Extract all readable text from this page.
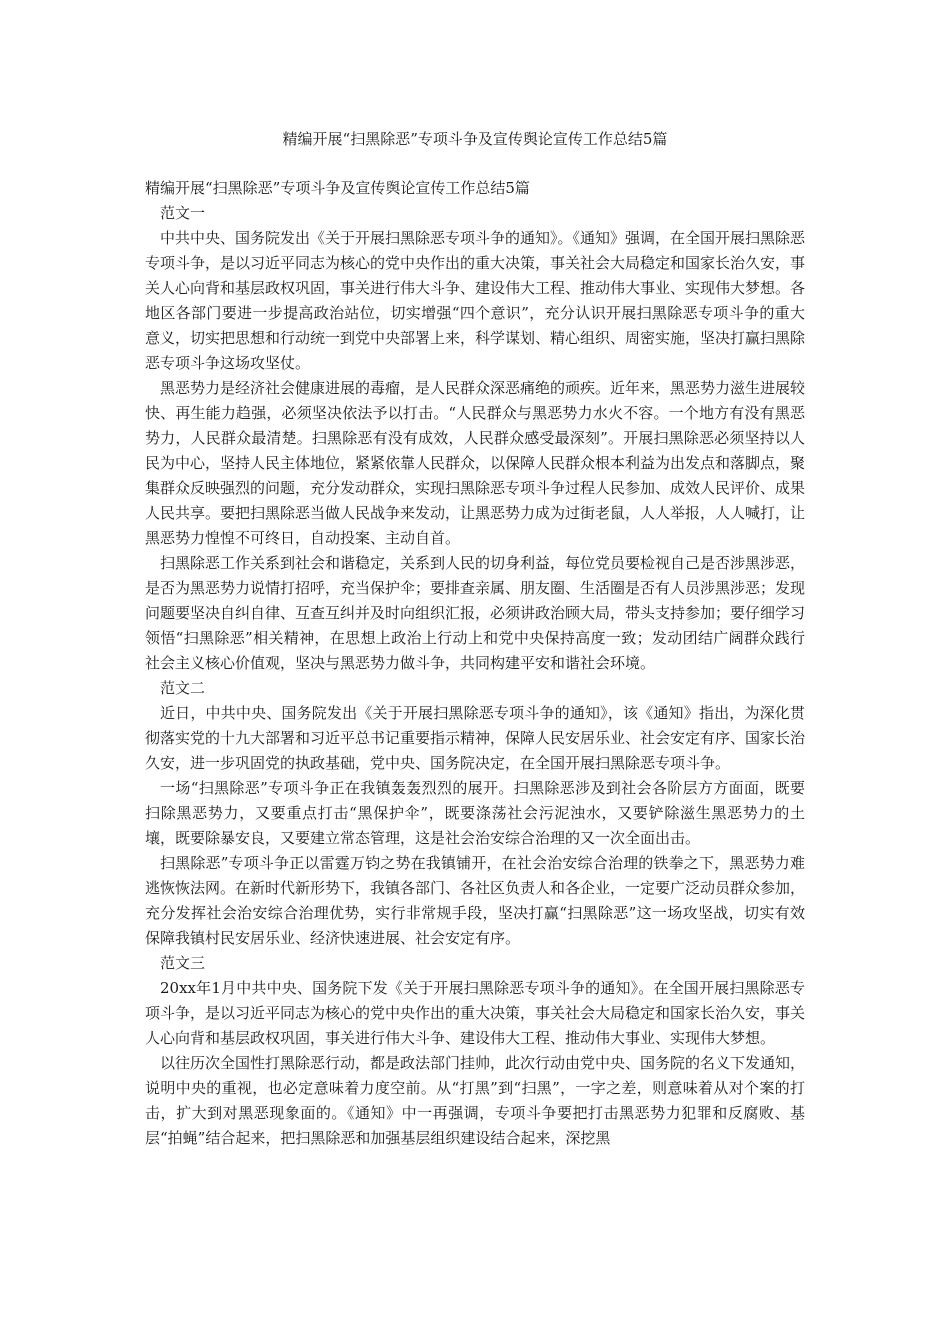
精编开展“扫黑除恶”专项斗争及宣传舆论宣传工作总结5篇

精编开展“扫黑除恶”专项斗争及宣传舆论宣传工作总结5篇

范文一

中共中央、国务院发出《关于开展扫黑除恶专项斗争的通知》。《通知》强调，在全国开展扫黑除恶专项斗争，是以习近平同志为核心的党中央作出的重大决策，事关社会大局稳定和国家长治久安，事关人心向背和基层政权巩固，事关进行伟大斗争、建设伟大工程、推动伟大事业、实现伟大梦想。各地区各部门要进一步提高政治站位，切实增强“四个意识”，充分认识开展扫黑除恶专项斗争的重大意义，切实把思想和行动统一到党中央部署上来，科学谋划、精心组织、周密实施，坚决打赢扫黑除恶专项斗争这场攻坚仗。

黑恶势力是经济社会健康进展的毒瘤，是人民群众深恶痛绝的顽疾。近年来，黑恶势力滋生进展较快、再生能力趋强，必须坚决依法予以打击。“人民群众与黑恶势力水火不容。一个地方有没有黑恶势力，人民群众最清楚。扫黑除恶有没有成效，人民群众感受最深刻”。开展扫黑除恶必须坚持以人民为中心，坚持人民主体地位，紧紧依靠人民群众，以保障人民群众根本利益为出发点和落脚点，聚集群众反映强烈的问题，充分发动群众，实现扫黑除恶专项斗争过程人民参加、成效人民评价、成果人民共享。要把扫黑除恶当做人民战争来发动，让黑恶势力成为过街老鼠，人人举报，人人喊打，让黑恶势力惶惶不可终日，自动投案、主动自首。

扫黑除恶工作关系到社会和谐稳定，关系到人民的切身利益，每位党员要检视自己是否涉黑涉恶，是否为黑恶势力说情打招呼，充当保护伞；要排查亲属、朋友圈、生活圈是否有人员涉黑涉恶；发现问题要坚决自纠自律、互查互纠并及时向组织汇报，必须讲政治顾大局，带头支持参加；要仔细学习领悟“扫黑除恶”相关精神，在思想上政治上行动上和党中央保持高度一致；发动团结广阔群众践行社会主义核心价值观，坚决与黑恶势力做斗争，共同构建平安和谐社会环境。

范文二

近日，中共中央、国务院发出《关于开展扫黑除恶专项斗争的通知》，该《通知》指出，为深化贯彻落实党的十九大部署和习近平总书记重要指示精神，保障人民安居乐业、社会安定有序、国家长治久安，进一步巩固党的执政基础，党中央、国务院决定，在全国开展扫黑除恶专项斗争。

一场“扫黑除恶”专项斗争正在我镇轰轰烈烈的展开。扫黑除恶涉及到社会各阶层方方面面，既要扫除黑恶势力，又要重点打击“黑保护伞”，既要涤荡社会污泥浊水，又要铲除滋生黑恶势力的土壤，既要除暴安良，又要建立常态管理，这是社会治安综合治理的又一次全面出击。

扫黑除恶”专项斗争正以雷霆万钧之势在我镇铺开，在社会治安综合治理的铁拳之下，黑恶势力难逃恢恢法网。在新时代新形势下，我镇各部门、各社区负责人和各企业，一定要广泛动员群众参加，充分发挥社会治安综合治理优势，实行非常规手段，坚决打赢“扫黑除恶”这一场攻坚战，切实有效保障我镇村民安居乐业、经济快速进展、社会安定有序。

范文三

20xx年1月中共中央、国务院下发《关于开展扫黑除恶专项斗争的通知》。在全国开展扫黑除恶专项斗争，是以习近平同志为核心的党中央作出的重大决策，事关社会大局稳定和国家长治久安，事关人心向背和基层政权巩固，事关进行伟大斗争、建设伟大工程、推动伟大事业、实现伟大梦想。

以往历次全国性打黑除恶行动，都是政法部门挂帅，此次行动由党中央、国务院的名义下发通知，说明中央的重视，也必定意味着力度空前。从“打黑”到“扫黑”，一字之差，则意味着从对个案的打击，扩大到对黑恶现象面的。《通知》中一再强调，专项斗争要把打击黑恶势力犯罪和反腐败、基层“拍蝇”结合起来，把扫黑除恶和加强基层组织建设结合起来，深挖黑
